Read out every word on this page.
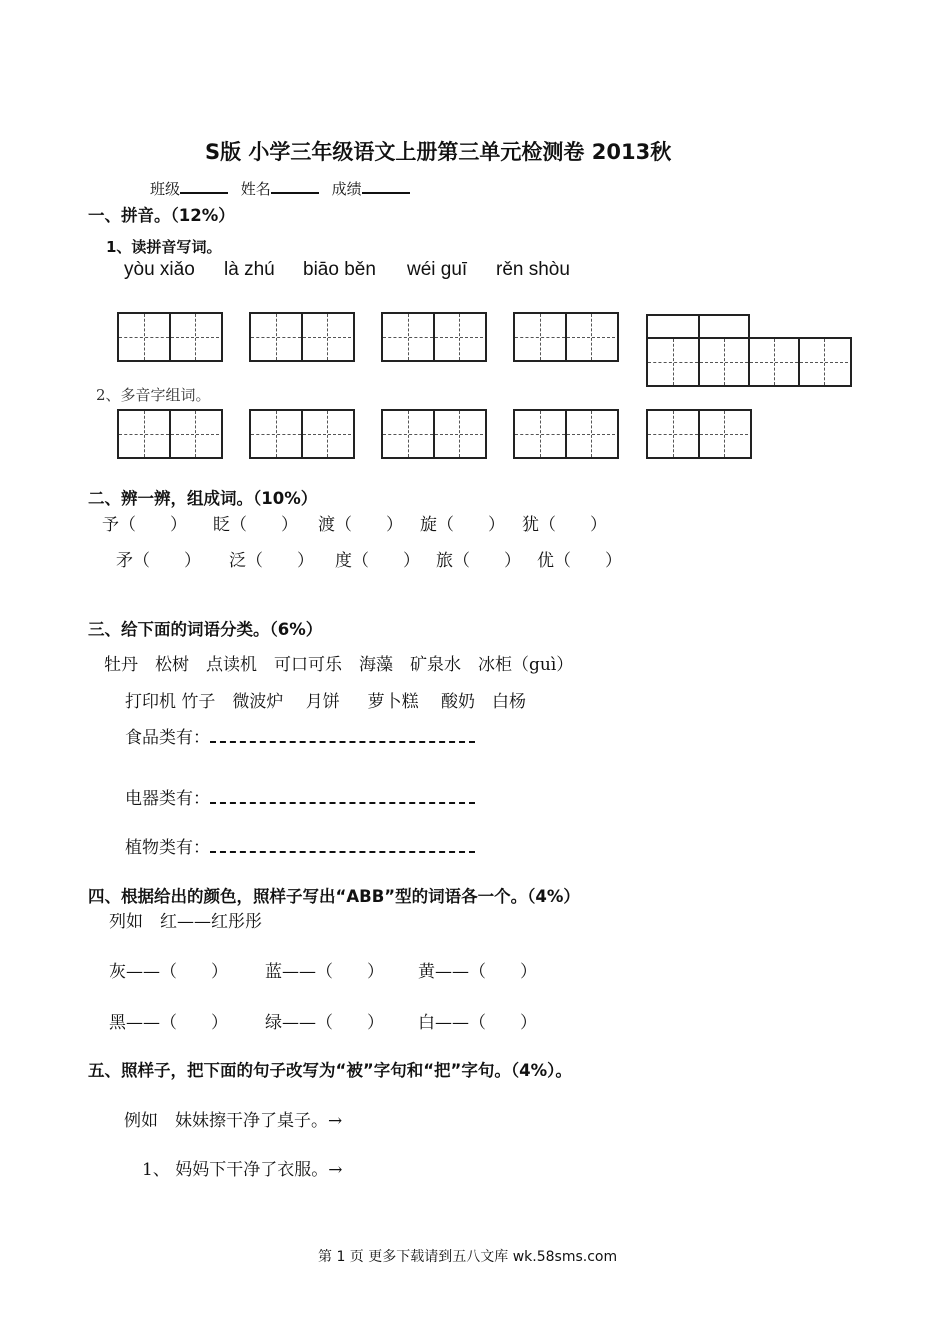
S版 小学三年级语文上册第三单元检测卷 2013秋
班级	姓名	成绩
一、拼音。（12%）
1、读拼音写词。
yòu xiǎo là zhú biāo běn wéi guī rěn shòu
2、多音字组词。
二、辨一辨，组成词。（10%）
予（　　） 眨（　　） 渡（　　） 旋（　　） 犹（　　）
矛（　　） 泛（　　） 度（　　） 旅（　　） 优（　　）
三、给下面的词语分类。（6%）
牡丹　松树　点读机　可口可乐　海藻　矿泉水　冰柜（guì）
打印机 竹子　微波炉　 月饼 　 萝卜糕　 酸奶　白杨
食品类有：
电器类有：
植物类有：
四、根据给出的颜色，照样子写出“ABB”型的词语各一个。（4%）
列如　红——红彤彤
灰——（　　） 蓝——（　　） 黄——（　　）
黑——（　　） 绿——（　　） 白——（　　）
五、照样子，把下面的句子改写为“被”字句和“把”字句。（4%）。
例如　妹妹擦干净了桌子。→
1、 妈妈下干净了衣服。→
第 1 页 更多下载请到五八文库 wk.58sms.com
